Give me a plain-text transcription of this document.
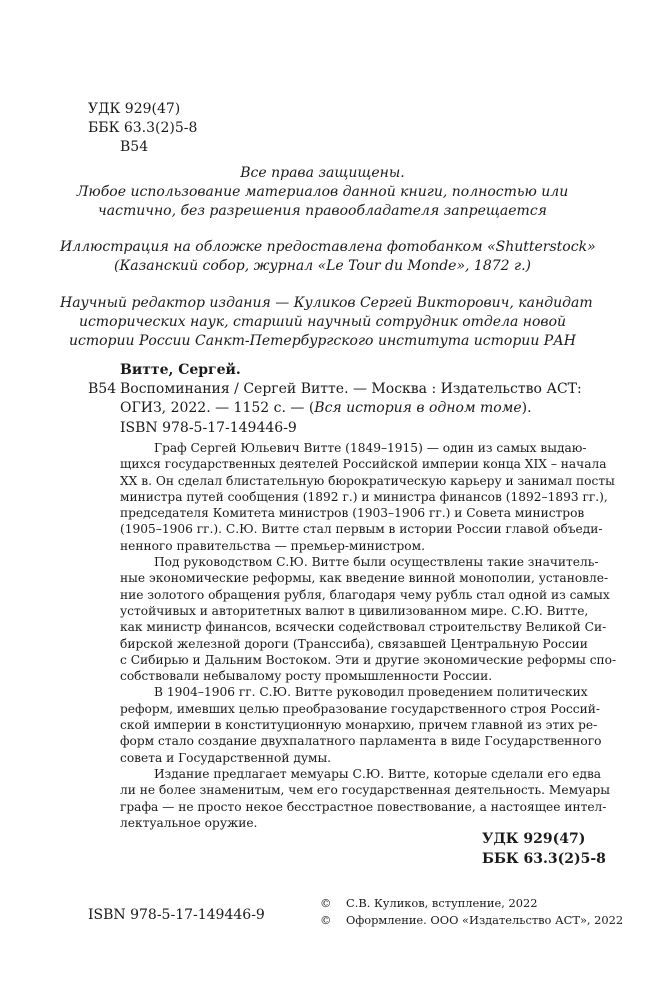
УДК 929(47)
ББК 63.3(2)5-8
В54
Все права защищены.
Любое использование материалов данной книги, полностью или
частично, без разрешения правообладателя запрещается
Иллюстрация на обложке предоставлена фотобанком «Shutterstock»
(Казанский собор, журнал «Le Tour du Monde», 1872 г.)
Научный редактор издания — Куликов Сергей Викторович, кандидат
исторических наук, старший научный сотрудник отдела новой
истории России Санкт-Петербургского института истории РАН
Витте, Сергей.
В54 Воспоминания / Сергей Витте. — Москва : Издательство АСТ:
ОГИЗ, 2022. — 1152 с. — (Вся история в одном томе).
ISBN 978-5-17-149446-9
Граф Сергей Юльевич Витте (1849–1915) — один из самых выдаю-
щихся государственных деятелей Российской империи конца XIX – начала
XX в. Он сделал блистательную бюрократическую карьеру и занимал посты
министра путей сообщения (1892 г.) и министра финансов (1892–1893 гг.),
председателя Комитета министров (1903–1906 гг.) и Совета министров
(1905–1906 гг.). С.Ю. Витте стал первым в истории России главой объеди-
ненного правительства — премьер-министром.
Под руководством С.Ю. Витте были осуществлены такие значитель-
ные экономические реформы, как введение винной монополии, установле-
ние золотого обращения рубля, благодаря чему рубль стал одной из самых
устойчивых и авторитетных валют в цивилизованном мире. С.Ю. Витте,
как министр финансов, всячески содействовал строительству Великой Си-
бирской железной дороги (Транссиба), связавшей Центральную России
с Сибирью и Дальним Востоком. Эти и другие экономические реформы спо-
собствовали небывалому росту промышленности России.
В 1904–1906 гг. С.Ю. Витте руководил проведением политических
реформ, имевших целью преобразование государственного строя Россий-
ской империи в конституционную монархию, причем главной из этих ре-
форм стало создание двухпалатного парламента в виде Государственного
совета и Государственной думы.
Издание предлагает мемуары С.Ю. Витте, которые сделали его едва
ли не более знаменитым, чем его государственная деятельность. Мемуары
графа — не просто некое бесстрастное повествование, а настоящее интел-
лектуальное оружие.
УДК 929(47)
ББК 63.3(2)5-8
ISBN 978-5-17-149446-9
© С.В. Куликов, вступление, 2022
© Оформление. ООО «Издательство АСТ», 2022
